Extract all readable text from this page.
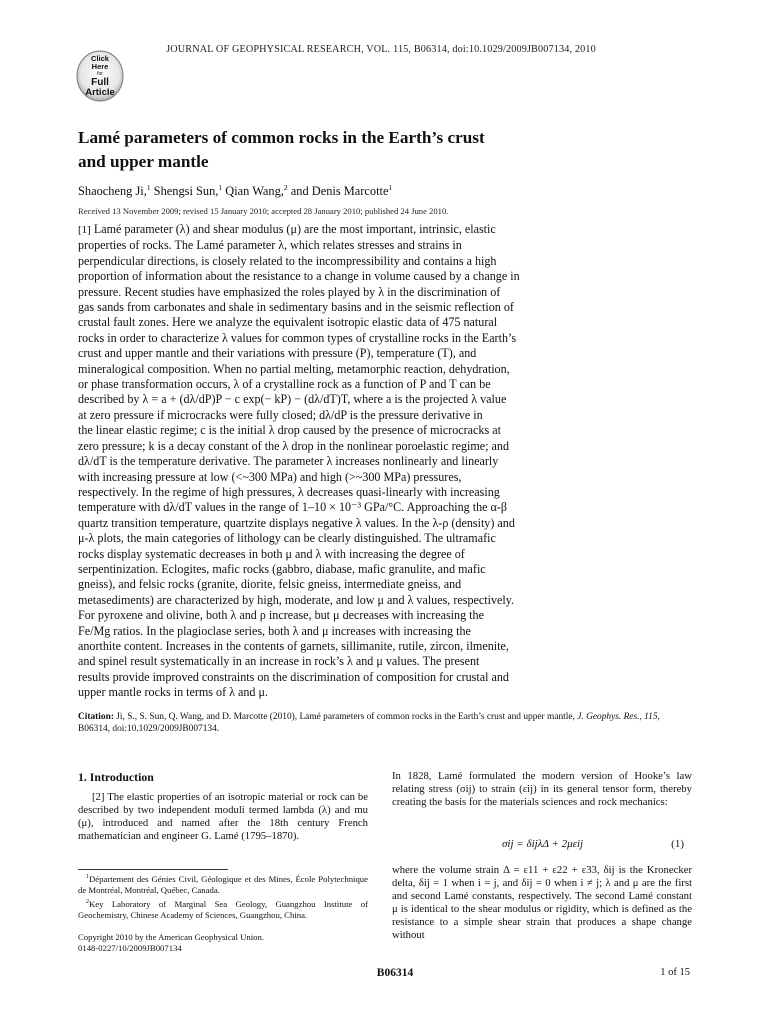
Click
Here
for
Full
Article
JOURNAL OF GEOPHYSICAL RESEARCH, VOL. 115, B06314, doi:10.1029/2009JB007134, 2010
Lamé parameters of common rocks in the Earth’s crust
and upper mantle
Shaocheng Ji,$^1$ Shengsi Sun,$^1$ Qian Wang,$^2$ and Denis Marcotte$^1$
Received 13 November 2009; revised 15 January 2010; accepted 28 January 2010; published 24 June 2010.
[1] Lamé parameter (λ) and shear modulus (μ) are the most important, intrinsic, elastic
properties of rocks. The Lamé parameter λ, which relates stresses and strains in
perpendicular directions, is closely related to the incompressibility and contains a high
proportion of information about the resistance to a change in volume caused by a change in
pressure. Recent studies have emphasized the roles played by λ in the discrimination of
gas sands from carbonates and shale in sedimentary basins and in the seismic reflection of
crustal fault zones. Here we analyze the equivalent isotropic elastic data of 475 natural
rocks in order to characterize λ values for common types of crystalline rocks in the Earth’s
crust and upper mantle and their variations with pressure (P), temperature (T), and
mineralogical composition. When no partial melting, metamorphic reaction, dehydration,
or phase transformation occurs, λ of a crystalline rock as a function of P and T can be
described by λ = a + (dλ/dP)P − c exp(− kP) − (dλ/dT)T, where a is the projected λ value
at zero pressure if microcracks were fully closed; dλ/dP is the pressure derivative in
the linear elastic regime; c is the initial λ drop caused by the presence of microcracks at
zero pressure; k is a decay constant of the λ drop in the nonlinear poroelastic regime; and
dλ/dT is the temperature derivative. The parameter λ increases nonlinearly and linearly
with increasing pressure at low (<~300 MPa) and high (>~300 MPa) pressures,
respectively. In the regime of high pressures, λ decreases quasi-linearly with increasing
temperature with dλ/dT values in the range of 1–10 × 10⁻³ GPa/°C. Approaching the α-β
quartz transition temperature, quartzite displays negative λ values. In the λ-ρ (density) and
μ-λ plots, the main categories of lithology can be clearly distinguished. The ultramafic
rocks display systematic decreases in both μ and λ with increasing the degree of
serpentinization. Eclogites, mafic rocks (gabbro, diabase, mafic granulite, and mafic
gneiss), and felsic rocks (granite, diorite, felsic gneiss, intermediate gneiss, and
metasediments) are characterized by high, moderate, and low μ and λ values, respectively.
For pyroxene and olivine, both λ and ρ increase, but μ decreases with increasing the
Fe/Mg ratios. In the plagioclase series, both λ and μ increases with increasing the
anorthite content. Increases in the contents of garnets, sillimanite, rutile, zircon, ilmenite,
and spinel result systematically in an increase in rock’s λ and μ values. The present
results provide improved constraints on the discrimination of composition for crustal and
upper mantle rocks in terms of λ and μ.
Citation: Ji, S., S. Sun, Q. Wang, and D. Marcotte (2010), Lamé parameters of common rocks in the Earth’s crust and upper mantle, J. Geophys. Res., 115, B06314, doi:10.1029/2009JB007134.
1. Introduction

[2] The elastic properties of an isotropic material or rock can be described by two independent moduli termed lambda (λ) and mu (μ), introduced and named after the 18th century French mathematician and engineer G. Lamé (1795–1870).

$^1$Département des Génies Civil, Géologique et des Mines, École Polytechnique de Montréal, Montréal, Québec, Canada.

$^2$Key Laboratory of Marginal Sea Geology, Guangzhou Institute of Geochemistry, Chinese Academy of Sciences, Guangzhou, China.

Copyright 2010 by the American Geophysical Union.
0148-0227/10/2009JB007134

In 1828, Lamé formulated the modern version of Hooke’s law relating stress (σij) to strain (εij) in its general tensor form, thereby creating the basis for the materials sciences and rock mechanics:

σij = δijλΔ + 2μεij	(1)

where the volume strain Δ = ε11 + ε22 + ε33, δij is the Kronecker delta, δij = 1 when i = j, and δij = 0 when i ≠ j; λ and μ are the first and second Lamé constants, respectively. The second Lamé constant μ is identical to the shear modulus or rigidity, which is defined as the resistance to a simple shear strain that produces a shape change without

B06314	1 of 15
